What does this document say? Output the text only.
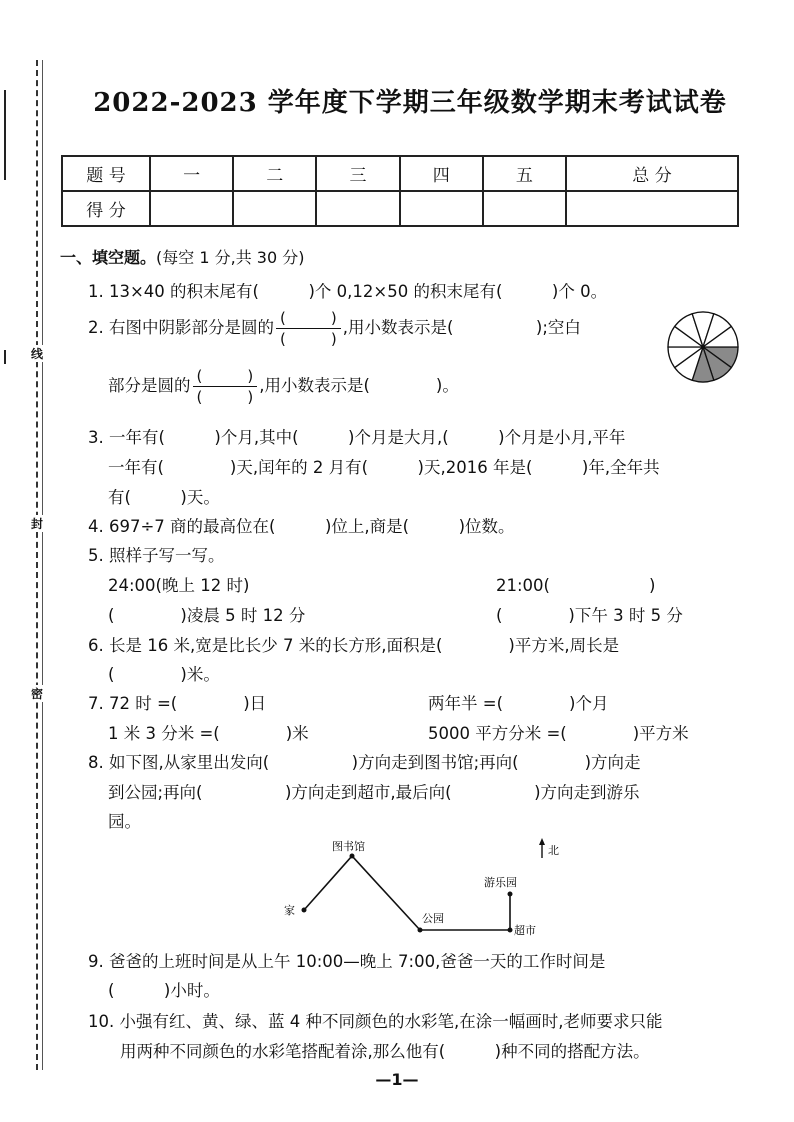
线
封
密
2022-2023 学年度下学期三年级数学期末考试试卷
题 号	一	二	三	四	五	总 分
得 分						
一、填空题。(每空 1 分,共 30 分)
1. 13×40 的积末尾有(　　　)个 0,12×50 的积末尾有(　　　)个 0。
2. 右图中阴影部分是圆的 $\frac{( )}{( )}$ ,用小数表示是(　　　　　);空白
部分是圆的 $\frac{( )}{( )}$ ,用小数表示是(　　　　)。
3. 一年有(　　　)个月,其中(　　　)个月是大月,(　　　)个月是小月,平年
一年有(　　　　)天,闰年的 2 月有(　　　)天,2016 年是(　　　)年,全年共
有(　　　)天。
4. 697÷7 商的最高位在(　　　)位上,商是(　　　)位数。
5. 照样子写一写。
24:00(晚上 12 时)	21:00(　　　　　　)
(　　　　)凌晨 5 时 12 分	(　　　　)下午 3 时 5 分
6. 长是 16 米,宽是比长少 7 米的长方形,面积是(　　　　)平方米,周长是
(　　　　)米。
7. 72 时 =(　　　　)日	两年半 =(　　　　)个月
1 米 3 分米 =(　　　　)米	5000 平方分米 =(　　　　)平方米
8. 如下图,从家里出发向(　　　　　)方向走到图书馆;再向(　　　　)方向走
到公园;再向(　　　　　)方向走到超市,最后向(　　　　　)方向走到游乐
园。
图书馆
家
公园
游乐园
超市
北
9. 爸爸的上班时间是从上午 10:00—晚上 7:00,爸爸一天的工作时间是
(　　　)小时。
10. 小强有红、黄、绿、蓝 4 种不同颜色的水彩笔,在涂一幅画时,老师要求只能
用两种不同颜色的水彩笔搭配着涂,那么他有(　　　)种不同的搭配方法。
—1—
